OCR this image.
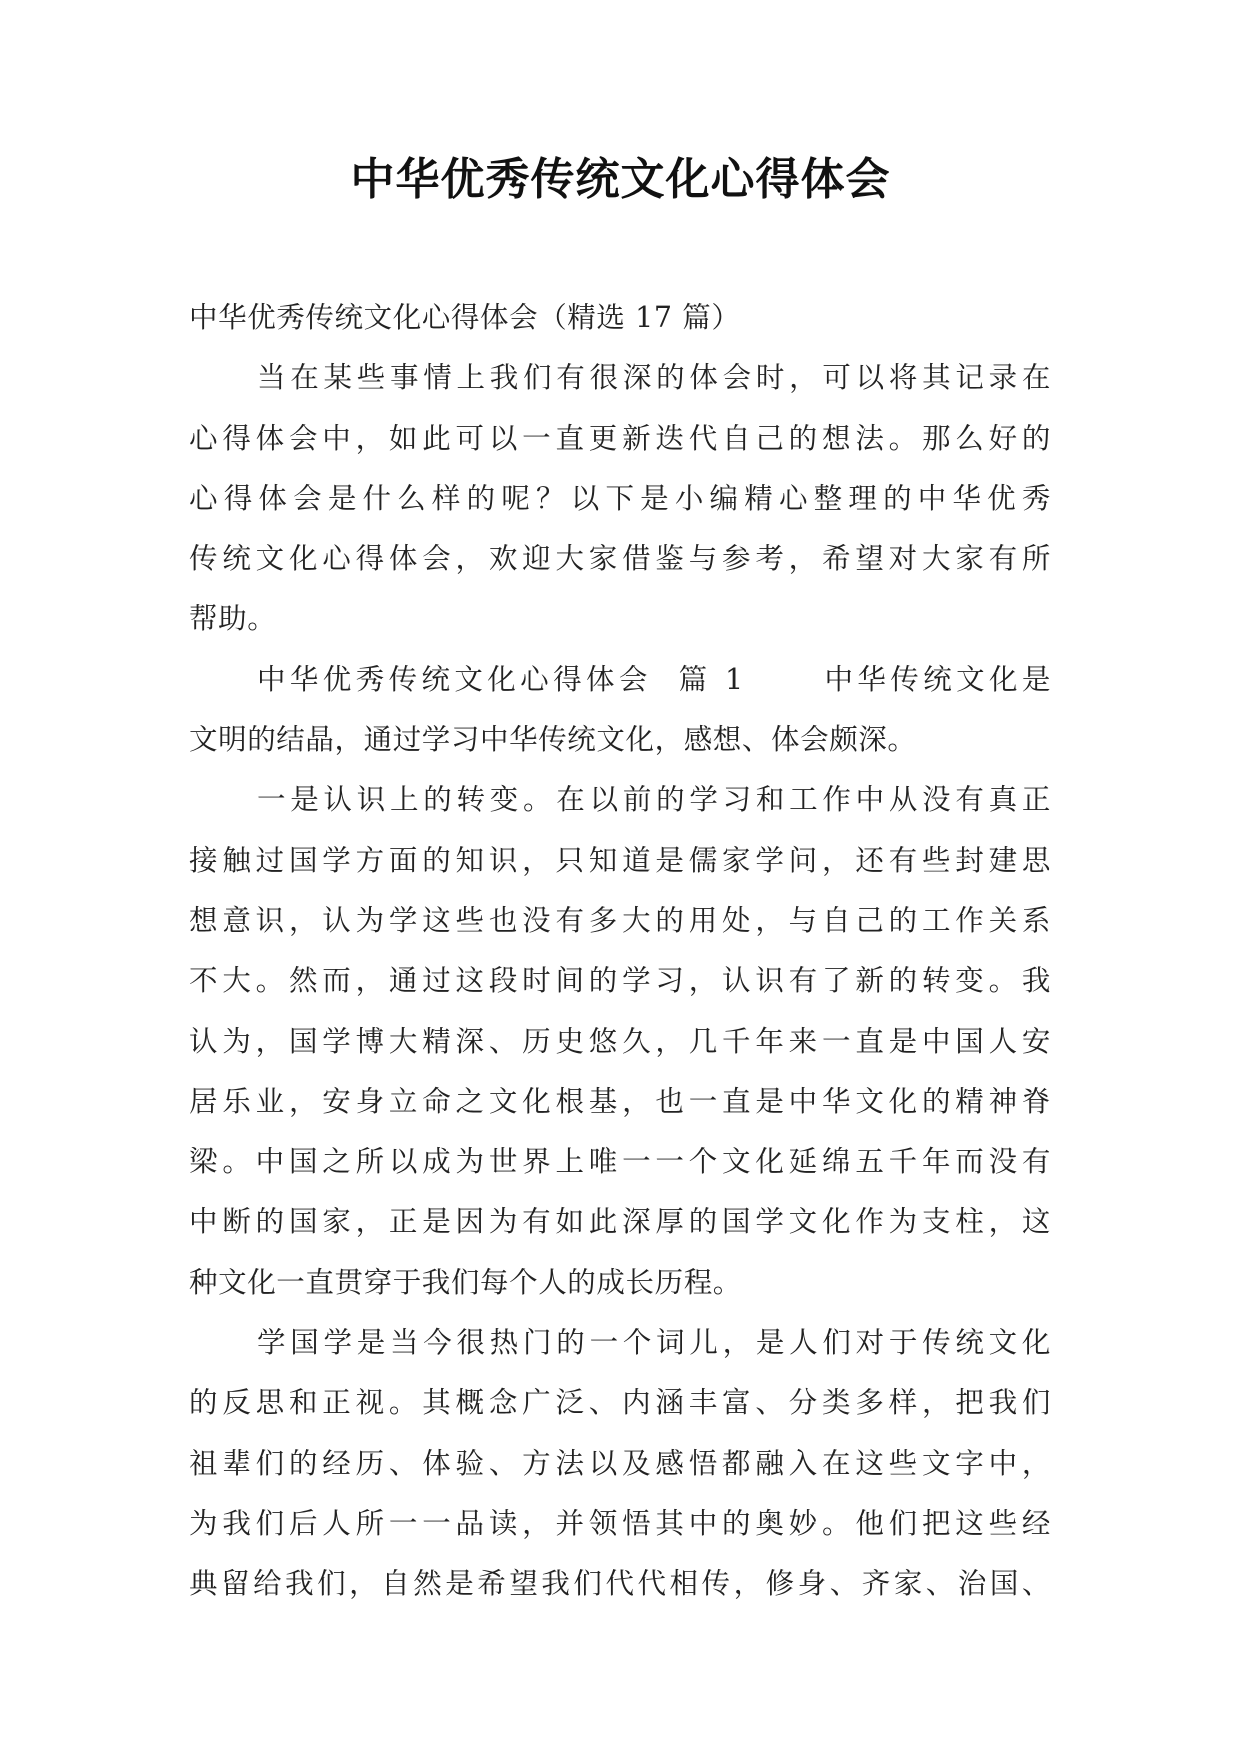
中华优秀传统文化心得体会
中华优秀传统文化心得体会（精选 17 篇）
当在某些事情上我们有很深的体会时，可以将其记录在
心得体会中，如此可以一直更新迭代自己的想法。那么好的
心得体会是什么样的呢？以下是小编精心整理的中华优秀
传统文化心得体会，欢迎大家借鉴与参考，希望对大家有所
帮助。
中华优秀传统文化心得体会  篇 1      中华传统文化是
文明的结晶，通过学习中华传统文化，感想、体会颇深。
一是认识上的转变。在以前的学习和工作中从没有真正
接触过国学方面的知识，只知道是儒家学问，还有些封建思
想意识，认为学这些也没有多大的用处，与自己的工作关系
不大。然而，通过这段时间的学习，认识有了新的转变。我
认为，国学博大精深、历史悠久，几千年来一直是中国人安
居乐业，安身立命之文化根基，也一直是中华文化的精神脊
梁。中国之所以成为世界上唯一一个文化延绵五千年而没有
中断的国家，正是因为有如此深厚的国学文化作为支柱，这
种文化一直贯穿于我们每个人的成长历程。
学国学是当今很热门的一个词儿，是人们对于传统文化
的反思和正视。其概念广泛、内涵丰富、分类多样，把我们
祖辈们的经历、体验、方法以及感悟都融入在这些文字中，
为我们后人所一一品读，并领悟其中的奥妙。他们把这些经
典留给我们，自然是希望我们代代相传，修身、齐家、治国、
